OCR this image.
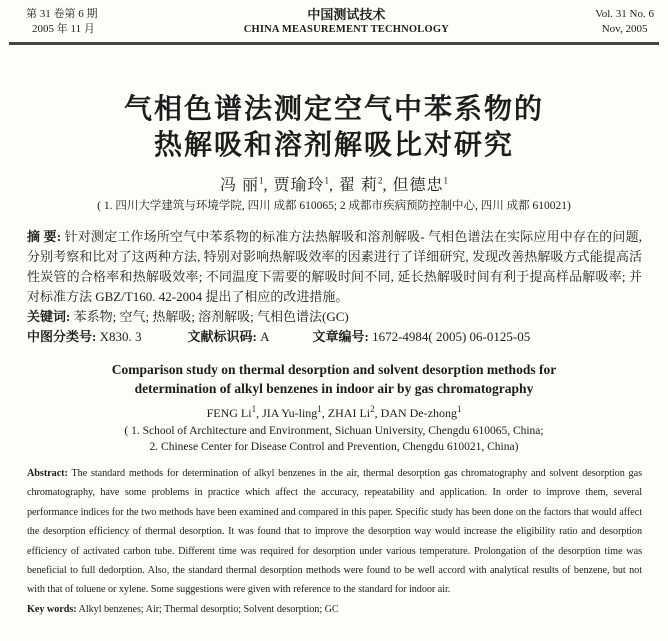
第 31 卷第 6 期
2005 年 11 月
中国测试技术
CHINA MEASUREMENT TECHNOLOGY
Vol. 31 No. 6
Nov, 2005
气相色谱法测定空气中苯系物的
热解吸和溶剂解吸比对研究
冯 丽$^1$, 贾瑜玲$^1$, 翟 莉$^2$, 但德忠$^1$
( 1. 四川大学建筑与环境学院, 四川 成都 610065; 2 成都市疾病预防控制中心, 四川 成都 610021)

摘 要: 针对测定工作场所空气中苯系物的标准方法热解吸和溶剂解吸- 气相色谱法在实际应用中存在的问题, 分别考察和比对了这两种方法, 特别对影响热解吸效率的因素进行了详细研究, 发现改善热解吸方式能提高活性炭管的合格率和热解吸效率; 不同温度下需要的解吸时间不同, 延长热解吸时间有利于提高样品解吸率; 并对标准方法 GBZ/T160. 42-2004 提出了相应的改进措施。

关键词: 苯系物; 空气; 热解吸; 溶剂解吸; 气相色谱法(GC)

中图分类号: X830. 3	文献标识码: A	文章编号: 1672-4984( 2005) 06-0125-05

Comparison study on thermal desorption and solvent desorption methods for
determination of alkyl benzenes in indoor air by gas chromatography
FENG Li$^1$, JIA Yu-ling$^1$, ZHAI Li$^2$, DAN De-zhong$^1$
( 1. School of Architecture and Environment, Sichuan University, Chengdu 610065, China;
2. Chinese Center for Disease Control and Prevention, Chengdu 610021, China)

Abstract: The standard methods for determination of alkyl benzenes in the air, thermal desorption gas chromatography and solvent desorption gas chromatography, have some problems in practice which affect the accuracy, repeatability and application. In order to improve them, several performance indices for the two methods have been examined and compared in this paper. Specific study has been done on the factors that would affect the desorption efficiency of thermal desorption. It was found that to improve the desorption way would increase the eligibility ratio and desorption efficiency of activated carbon tube. Different time was required for desorption under various temperature. Prolongation of the desorption time was beneficial to full dedorption. Also, the standard thermal desorption methods were found to be well accord with analytical results of benzene, but not with that of toluene or xylene. Some suggestions were given with reference to the standard for indoor air.

Key words: Alkyl benzenes; Air; Thermal desorptio; Solvent desorption; GC
